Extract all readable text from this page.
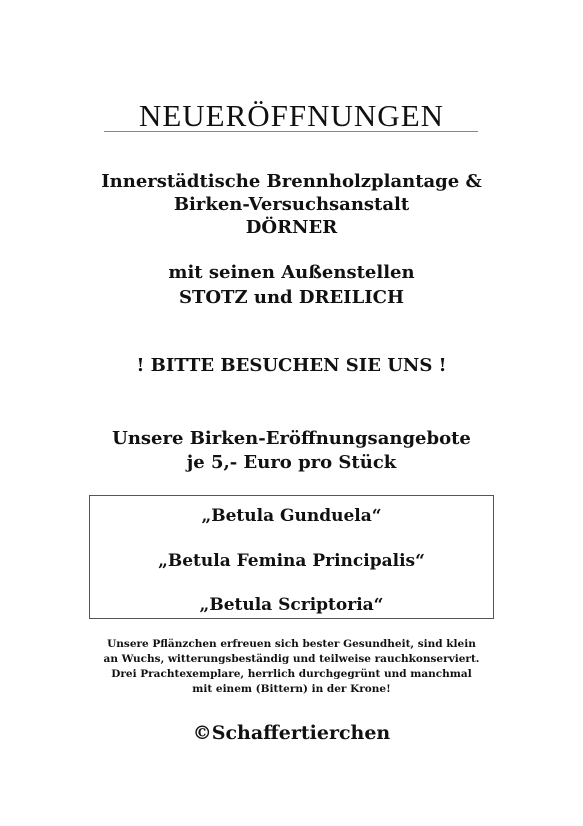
NEUERÖFFNUNGEN
Innerstädtische Brennholzplantage &
Birken-Versuchsanstalt
DÖRNER
mit seinen Außenstellen
STOTZ und DREILICH
! BITTE BESUCHEN SIE UNS !
Unsere Birken-Eröffnungsangebote
je 5,- Euro pro Stück
„Betula Gunduela“
„Betula Femina Principalis“
„Betula Scriptoria“
Unsere Pflänzchen erfreuen sich bester Gesundheit, sind klein
an Wuchs, witterungsbeständig und teilweise rauchkonserviert.
Drei Prachtexemplare, herrlich durchgegrünt und manchmal
mit einem (Bittern) in der Krone!
©Schaffertierchen
